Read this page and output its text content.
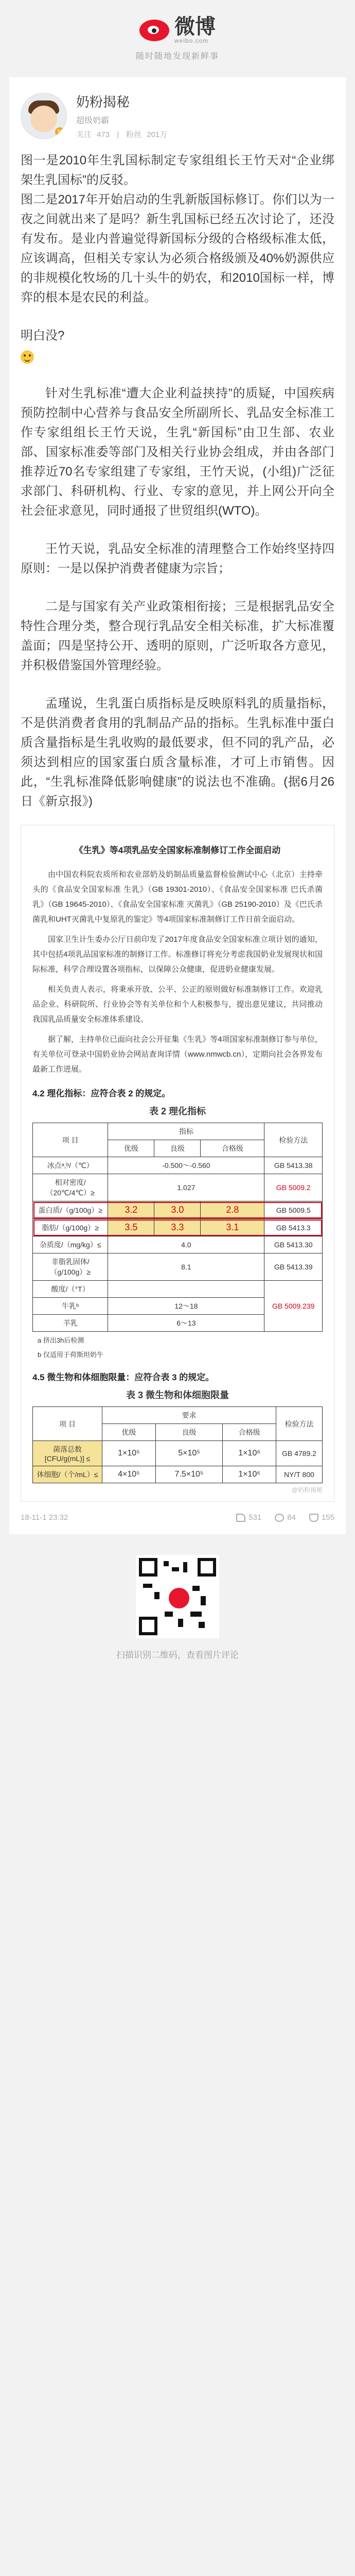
微博
weibo.com
随时随地发现新鲜事
V
奶粉揭秘
超级奶霸
关注 473 | 粉丝 201万

图一是2010年生乳国标制定专家组组长王竹天对“企业绑架生乳国标”的反驳。

图二是2017年开始启动的生乳新版国标修订。你们以为一夜之间就出来了是吗？新生乳国标已经五次讨论了，还没有发布。是业内普遍觉得新国标分级的合格级标准太低，应该调高，但相关专家认为必须合格级颁及40%奶源供应的非规模化牧场的几十头牛的奶农，和2010国标一样，博弈的根本是农民的利益。

明白没?

针对生乳标准“遭大企业利益挟持”的质疑，中国疾病预防控制中心营养与食品安全所副所长、乳品安全标准工作专家组组长王竹天说，生乳“新国标”由卫生部、农业部、国家标准委等部门及相关行业协会组成，并由各部门推荐近70名专家组建了专家组，王竹天说，(小组)广泛征求部门、科研机构、行业、专家的意见，并上网公开向全社会征求意见，同时通报了世贸组织(WTO)。

王竹天说，乳品安全标准的清理整合工作始终坚持四原则：一是以保护消费者健康为宗旨；

二是与国家有关产业政策相衔接；三是根据乳品安全特性合理分类，整合现行乳品安全相关标准，扩大标准覆盖面；四是坚持公开、透明的原则，广泛听取各方意见，并积极借鉴国外管理经验。

孟瑾说，生乳蛋白质指标是反映原料乳的质量指标，不是供消费者食用的乳制品产品的指标。生乳标准中蛋白质含量指标是生乳收购的最低要求，但不同的乳产品，必须达到相应的国家蛋白质含量标准，才可上市销售。因此，“生乳标准降低影响健康”的说法也不准确。(据6月26日《新京报》)

《生乳》等4项乳品安全国家标准制修订工作全面启动

由中国农科院农质所和农业部奶及奶制品质量监督检验测试中心（北京）主持牵头的《食品安全国家标准 生乳》（GB 19301-2010）、《食品安全国家标准 巴氏杀菌乳》（GB 19645-2010）、《食品安全国家标准 灭菌乳》（GB 25190-2010）及《巴氏杀菌乳和UHT灭菌乳中复原乳的鉴定》等4项国家标准制修订工作日前全面启动。

国家卫生计生委办公厅日前印发了2017年度食品安全国家标准立项计划的通知，其中包括4项乳品国家标准的制修订工作。标准修订将充分考虑我国奶业发展现状和国际标准，科学合理设置各项指标，以保障公众健康，促进奶业健康发展。

相关负责人表示，将秉承开放、公平、公正的原则做好标准制修订工作。欢迎乳品企业、科研院所、行业协会等有关单位和个人积极参与，提出意见建议，共同推动我国乳品质量安全标准体系建设。

据了解，主持单位已面向社会公开征集《生乳》等4项国家标准制修订参与单位，有关单位可登录中国奶业协会网站查询详情（www.nmwcb.cn），定期向社会各界发布最新工作进展。

4.2 理化指标：应符合表 2 的规定。
表 2 理化指标
项 目	指标			检验方法
	优级	良级	合格级	
冰点ᵃ,ᵇ/（℃）	-0.500～-0.560			GB 5413.38
相对密度/（20℃/4℃）≥	1.027			GB 5009.2
蛋白质/（g/100g）≥	3.2	3.0	2.8	GB 5009.5
脂肪/（g/100g）≥	3.5	3.3	3.1	GB 5413.3
杂质度/（mg/kg）≤	4.0			GB 5413.30
非脂乳固体/（g/100g）≥	8.1			GB 5413.39
酸度/（°T）				GB 5009.239
牛乳ᵇ	12～18			
羊乳	6～13			
a 挤出3h后检测
b 仅适用于荷斯坦奶牛
4.5 微生物和体细胞限量：应符合表 3 的规定。
表 3 微生物和体细胞限量
项 目	要求			检验方法
	优级	良级	合格级	
菌落总数[CFU/g(mL)] ≤	1×10⁵	5×10⁵	1×10⁶	GB 4789.2
体细胞/（个/mL）≤	4×10⁵	7.5×10⁵	1×10⁶	NY/T 800
@奶粉揭秘
18-11-1 23:32	531	84	155
扫描识别二维码，查看图片评论
